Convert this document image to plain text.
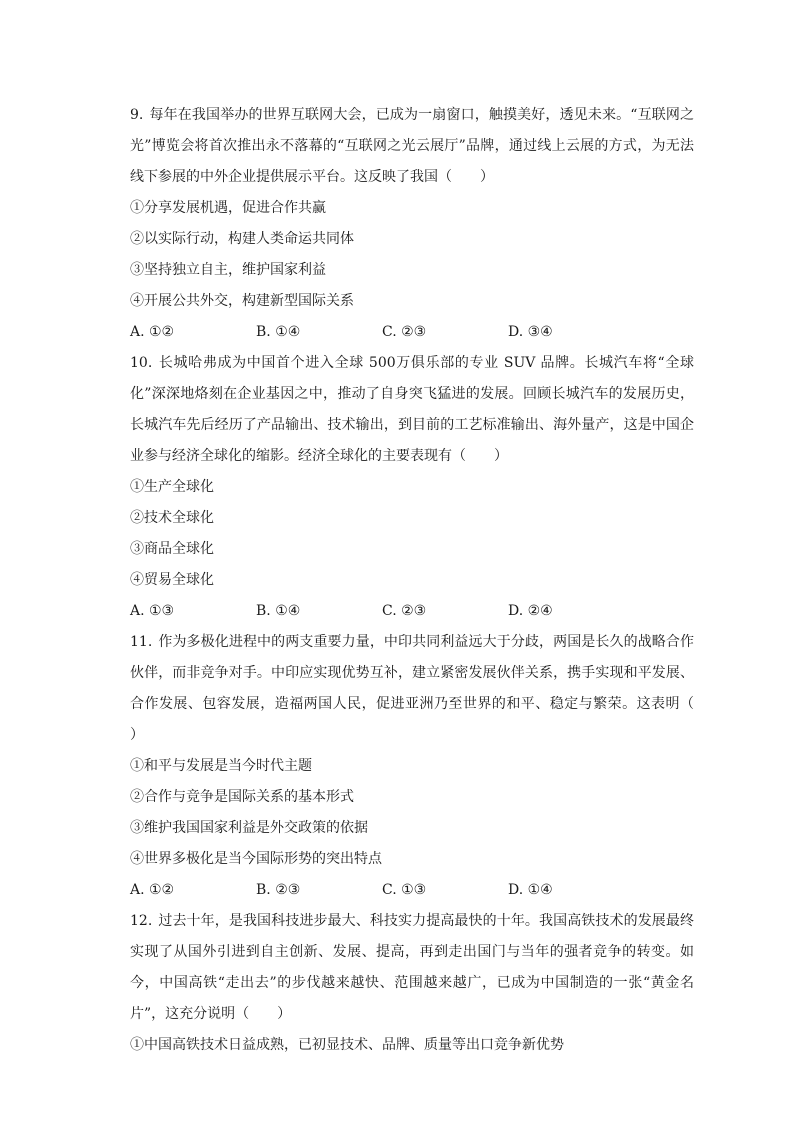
9. 每年在我国举办的世界互联网大会，已成为一扇窗口，触摸美好，透见未来。“互联网之光”博览会将首次推出永不落幕的“互联网之光云展厅”品牌，通过线上云展的方式，为无法线下参展的中外企业提供展示平台。这反映了我国（　　）

①分享发展机遇，促进合作共赢

②以实际行动，构建人类命运共同体

③坚持独立自主，维护国家利益

④开展公共外交，构建新型国际关系

A. ①②	B. ①④	C. ②③	D. ③④

10. 长城哈弗成为中国首个进入全球 500万俱乐部的专业 SUV 品牌。长城汽车将“全球化”深深地烙刻在企业基因之中，推动了自身突飞猛进的发展。回顾长城汽车的发展历史，长城汽车先后经历了产品输出、技术输出，到目前的工艺标准输出、海外量产，这是中国企业参与经济全球化的缩影。经济全球化的主要表现有（　　）

①生产全球化

②技术全球化

③商品全球化

④贸易全球化

A. ①③	B. ①④	C. ②③	D. ②④

11. 作为多极化进程中的两支重要力量，中印共同利益远大于分歧，两国是长久的战略合作伙伴，而非竞争对手。中印应实现优势互补，建立紧密发展伙伴关系，携手实现和平发展、合作发展、包容发展，造福两国人民，促进亚洲乃至世界的和平、稳定与繁荣。这表明（　　）

①和平与发展是当今时代主题

②合作与竞争是国际关系的基本形式

③维护我国国家利益是外交政策的依据

④世界多极化是当今国际形势的突出特点

A. ①②	B. ②③	C. ①③	D. ①④

12. 过去十年，是我国科技进步最大、科技实力提高最快的十年。我国高铁技术的发展最终实现了从国外引进到自主创新、发展、提高，再到走出国门与当年的强者竞争的转变。如今，中国高铁“走出去”的步伐越来越快、范围越来越广，已成为中国制造的一张“黄金名片”，这充分说明（　　）

①中国高铁技术日益成熟，已初显技术、品牌、质量等出口竞争新优势
